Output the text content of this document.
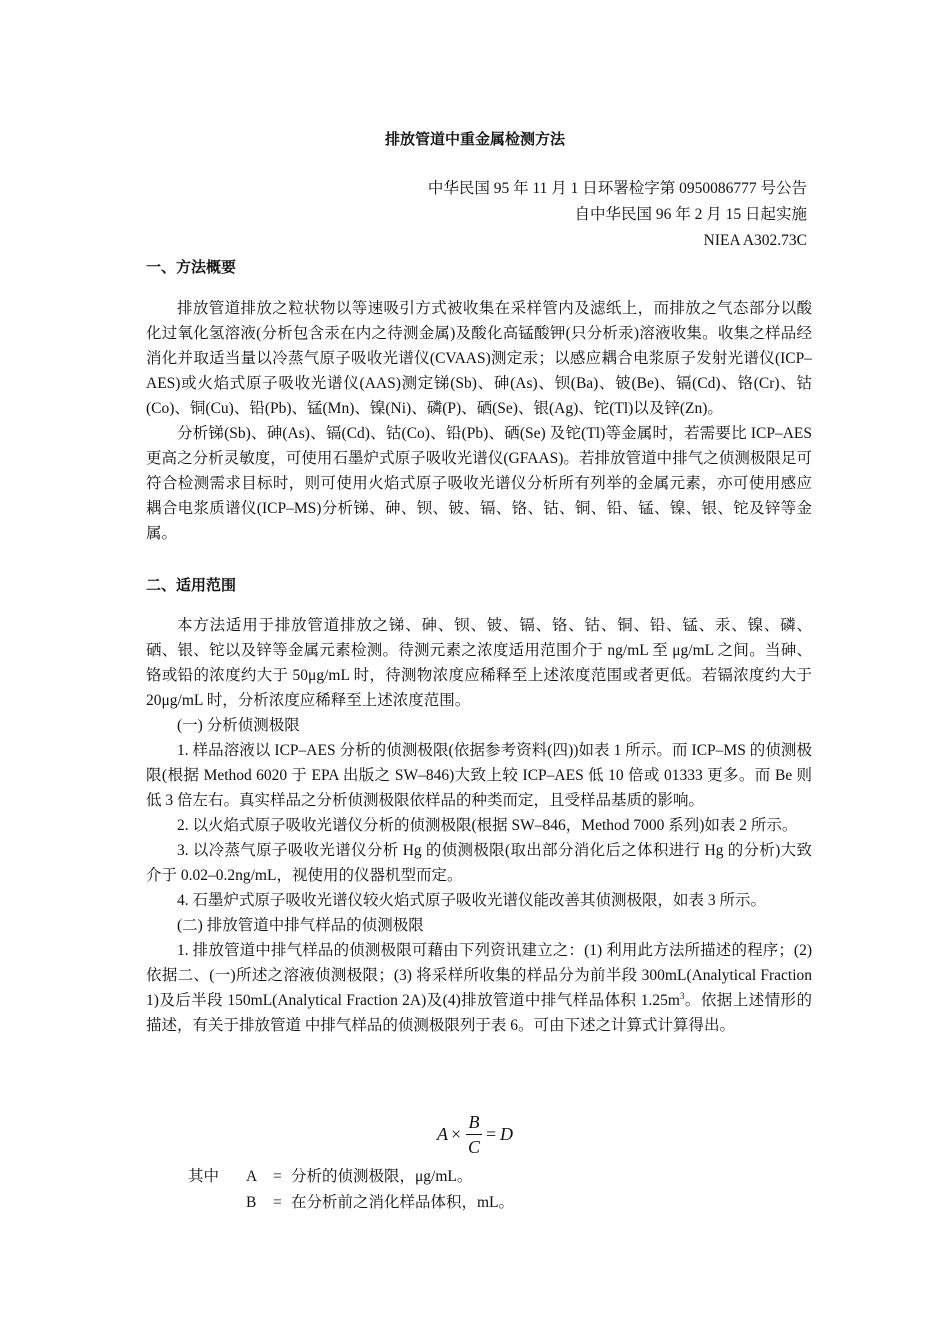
排放管道中重金属检测方法
中华民国 95 年 11 月 1 日环署检字第 0950086777 号公告
自中华民国 96 年 2 月 15 日起实施
NIEA A302.73C
一、方法概要

排放管道排放之粒状物以等速吸引方式被收集在采样管内及滤纸上，而排放之气态部分以酸化过氧化氢溶液(分析包含汞在内之待测金属)及酸化高锰酸钾(只分析汞)溶液收集。收集之样品经消化并取适当量以冷蒸气原子吸收光谱仪(CVAAS)测定汞；以感应耦合电浆原子发射光谱仪(ICP–AES)或火焰式原子吸收光谱仪(AAS)测定锑(Sb)、砷(As)、钡(Ba)、铍(Be)、镉(Cd)、铬(Cr)、钴(Co)、铜(Cu)、铅(Pb)、锰(Mn)、镍(Ni)、磷(P)、硒(Se)、银(Ag)、铊(Tl)以及锌(Zn)。

分析锑(Sb)、砷(As)、镉(Cd)、钴(Co)、铅(Pb)、硒(Se) 及铊(Tl)等金属时，若需要比 ICP–AES 更高之分析灵敏度，可使用石墨炉式原子吸收光谱仪(GFAAS)。若排放管道中排气之侦测极限足可符合检测需求目标时，则可使用火焰式原子吸收光谱仪分析所有列举的金属元素，亦可使用感应耦合电浆质谱仪(ICP–MS)分析锑、砷、钡、铍、镉、铬、钴、铜、铅、锰、镍、银、铊及锌等金属。

二、适用范围

本方法适用于排放管道排放之锑、砷、钡、铍、镉、铬、钴、铜、铅、锰、汞、镍、磷、硒、银、铊以及锌等金属元素检测。待测元素之浓度适用范围介于 ng/mL 至 μg/mL 之间。当砷、铬或铅的浓度约大于 50μg/mL 时，待测物浓度应稀释至上述浓度范围或者更低。若镉浓度约大于 20μg/mL 时，分析浓度应稀释至上述浓度范围。

(一) 分析侦测极限

1. 样品溶液以 ICP–AES 分析的侦测极限(依据参考资料(四))如表 1 所示。而 ICP–MS 的侦测极限(根据 Method 6020 于 EPA 出版之 SW–846)大致上较 ICP–AES 低 10 倍或 01333 更多。而 Be 则低 3 倍左右。真实样品之分析侦测极限依样品的种类而定，且受样品基质的影响。

2. 以火焰式原子吸收光谱仪分析的侦测极限(根据 SW–846，Method 7000 系列)如表 2 所示。

3. 以冷蒸气原子吸收光谱仪分析 Hg 的侦测极限(取出部分消化后之体积进行 Hg 的分析)大致介于 0.02–0.2ng/mL，视使用的仪器机型而定。

4. 石墨炉式原子吸收光谱仪较火焰式原子吸收光谱仪能改善其侦测极限，如表 3 所示。

(二) 排放管道中排气样品的侦测极限

1. 排放管道中排气样品的侦测极限可藉由下列资讯建立之：(1) 利用此方法所描述的程序；(2) 依据二、(一)所述之溶液侦测极限；(3) 将采样所收集的样品分为前半段 300mL(Analytical Fraction 1)及后半段 150mL(Analytical Fraction 2A)及(4)排放管道中排气样品体积 $1.25m^3$。依据上述情形的描述，有关于排放管道 中排气样品的侦测极限列于表 6。可由下述之计算式计算得出。

A ×
B
C
= D
其中 A = 分析的侦测极限，μg/mL。
B = 在分析前之消化样品体积，mL。
